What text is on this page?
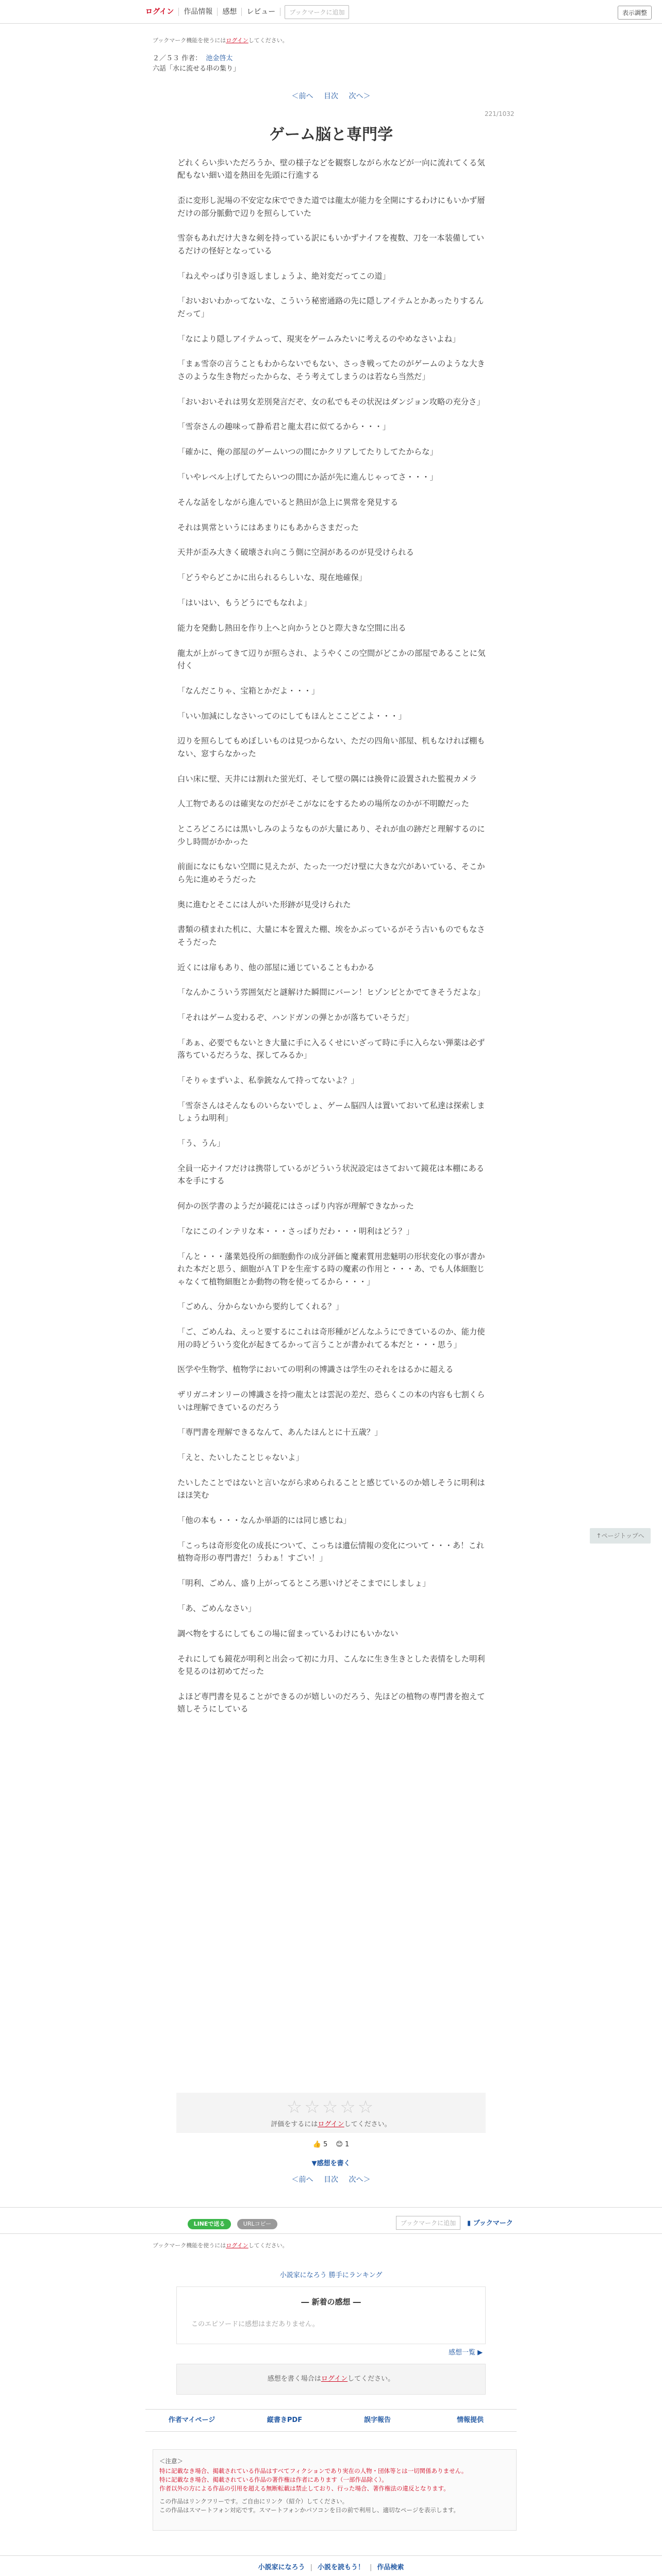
ログイン	作品情報	感想	レビュー	ブックマークに追加	表示調整
ブックマーク機能を使うにはログインしてください。
２／５３ 作者： 池金啓太
六話「水に流せる串の集り」
＜前へ 目次 次へ＞
221/1032
ゲーム脳と専門学

どれくらい歩いただろうか、壁の様子などを観察しながら水などが一向に流れてくる気配もない細い道を熱田を先頭に行進する

歪に変形し泥場の不安定な床でできた道では龍太が能力を全開にするわけにもいかず層だけの部分脈動で辺りを照らしていた

雪奈もあれだけ大きな剣を持っている訳にもいかずナイフを複数、刀を一本装備しているだけの怪好となっている

「ねえやっぱり引き返しましょうよ、絶対変だってこの道」

「おいおいわかってないな、こういう秘密通路の先に隠しアイテムとかあったりするんだって」

「なにより隠しアイテムって、現実をゲームみたいに考えるのやめなさいよね」

「まぁ雪奈の言うこともわからないでもない、さっき戦ってたのがゲームのような大きさのような生き物だったからな、そう考えてしまうのは若なら当然だ」

「おいおいそれは男女差別発言だぞ、女の私でもその状況はダンジョン攻略の充分さ」

「雪奈さんの趣味って静希君と龍太君に似てるから・・・」

「確かに、俺の部屋のゲームいつの間にかクリアしてたりしてたからな」

「いやレベル上げしてたらいつの間にか話が先に進んじゃってさ・・・」

そんな話をしながら進んでいると熱田が急上に異常を発見する

それは異常というにはあまりにもあからさまだった

天井が歪み大きく破壊され向こう側に空洞があるのが見受けられる

「どうやらどこかに出られるらしいな、現在地確保」

「はいはい、もうどうにでもなれよ」

能力を発動し熱田を作り上へと向かうとひと際大きな空間に出る

龍太が上がってきて辺りが照らされ、ようやくこの空間がどこかの部屋であることに気付く

「なんだこりゃ、宝箱とかだよ・・・」

「いい加減にしなさいってのにしてもほんとここどこよ・・・」

辺りを照らしてもめぼしいものは見つからない、ただの四角い部屋、机もなければ棚もない、窓すらなかった

白い床に壁、天井には割れた蛍光灯、そして壁の隅には換骨に設置された監視カメラ

人工物であるのは確実なのだがそこがなにをするための場所なのかが不明瞭だった

ところどころには黒いしみのようなものが大量にあり、それが血の跡だと理解するのに少し時間がかかった

前面になにもない空間に見えたが、たった一つだけ壁に大きな穴があいている、そこから先に進めそうだった

奥に進むとそこには人がいた形跡が見受けられた

書類の積まれた机に、大量に本を置えた棚、埃をかぶっているがそう古いものでもなさそうだった

近くには扉もあり、他の部屋に通じていることもわかる

「なんかこういう雰囲気だと謎解けた瞬間にバーン！ヒゾンビとかでてきそうだよな」

「それはゲーム変わるぞ、ハンドガンの弾とかが落ちていそうだ」

「あぁ、必要でもないとき大量に手に入るくせにいざって時に手に入らない弾薬は必ず落ちているだろうな、探してみるか」

「そりゃまずいよ、私拳銃なんて持ってないよ？」

「雪奈さんはそんなものいらないでしょ、ゲーム脳四人は置いておいて私達は探索しましょうね明利」

「う、うん」

全員一応ナイフだけは携帯しているがどういう状況設定はさておいて鏡花は本棚にある本を手にする

何かの医学書のようだが鏡花にはさっぱり内容が理解できなかった

「なにこのインテリな本・・・さっぱりだわ・・・明利はどう？」

「んと・・・藩業処役所の細胞動作の成分評価と魔素質用悲魅明の形状変化の事が書かれた本だと思う、細胞がＡＴＰを生産する時の魔素の作用と・・・あ、でも人体細胞じゃなくて植物細胞とか動物の物を使ってるから・・・」

「ごめん、分からないから要約してくれる？」

「ご、ごめんね、えっと要するにこれは奇形種がどんなふうにできているのか、能力使用の時どういう変化が起きてるかって言うことが書かれてる本だと・・・思う」

医学や生物学、植物学においての明利の博識さは学生のそれをはるかに超える

ザリガニオンリーの博識さを持つ龍太とは雲泥の差だ、恐らくこの本の内容も七割くらいは理解できているのだろう

「専門書を理解できるなんて、あんたほんとに十五歳？」

「えと、たいしたことじゃないよ」

たいしたことではないと言いながら求められることと感じているのか嬉しそうに明利はほほ笑む

「他の本も・・・なんか単語的には同じ感じね」

「こっちは奇形変化の成長について、こっちは遺伝情報の変化について・・・あ！これ植物奇形の専門書だ！うわぁ！すごい！」

「明利、ごめん、盛り上がってるところ悪いけどそこまでにしましょ」

「あ、ごめんなさい」

調べ物をするにしてもこの場に留まっているわけにもいかない

それにしても鏡花が明利と出会って初に力月、こんなに生き生きとした表情をした明利を見るのは初めてだった

よほど専門書を見ることができるのが嬉しいのだろう、先ほどの植物の専門書を抱えて嬉しそうにしている

↑ページトップへ
☆☆☆☆☆
評価をするにはログインしてください。
👍 5 😊 1
▼感想を書く
＜前へ 目次 次へ＞
LINEで送る	URLコピー	ブックマークに追加	▮ ブックマーク
ブックマーク機能を使うにはログインしてください。
小説家になろう 勝手にランキング
― 新着の感想 ―
このエピソードに感想はまだありません。
感想一覧 ▶
感想を書く場合はログインしてください。
作者マイページ	縦書きPDF	誤字報告	情報提供
＜注意＞
特に記載なき場合、掲載されている作品はすべてフィクションであり実在の人物・団体等とは一切関係ありません。
特に記載なき場合、掲載されている作品の著作権は作者にあります（一部作品除く）。
作者以外の方による作品の引用を超える無断転載は禁止しており、行った場合、著作権法の違反となります。
この作品はリンクフリーです。ご自由にリンク（紹介）してください。
この作品はスマートフォン対応です。スマートフォンかパソコンを日の前で利用し、適切なページを表示します。
小説家になろう | 小説を読もう！ | 作品検索
